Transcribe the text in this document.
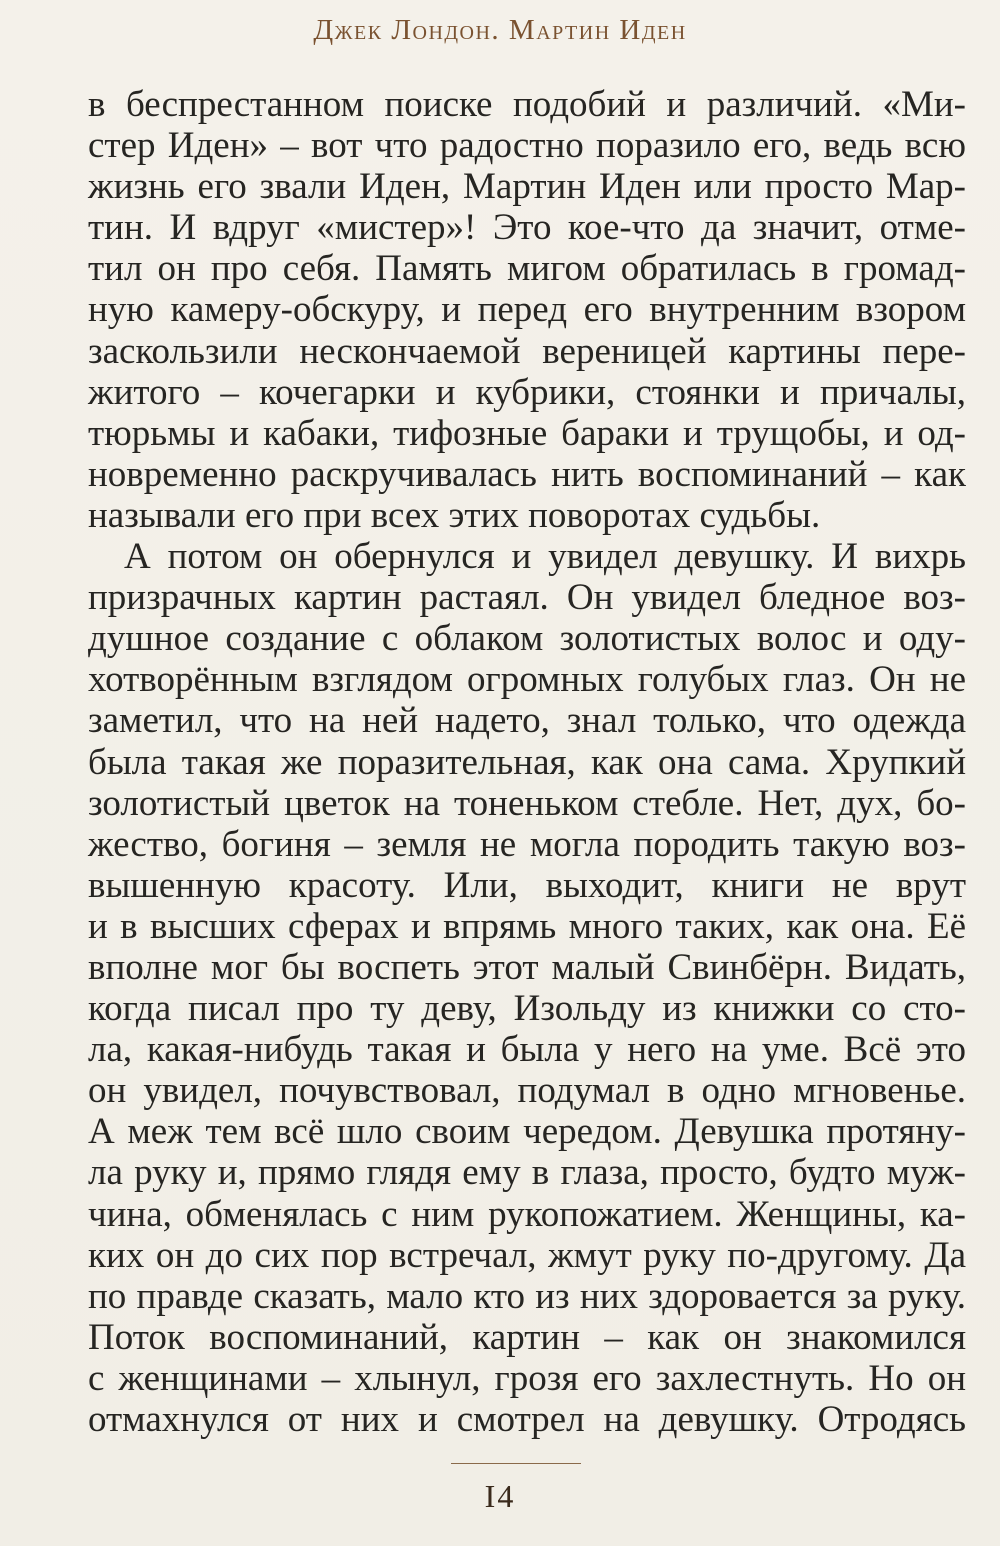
Джек Лондон. Мартин Иден
в беспрестанном поиске подобий и различий. «Ми-
стер Иден» – вот что радостно поразило его, ведь всю
жизнь его звали Иден, Мартин Иден или просто Мар-
тин. И вдруг «мистер»! Это кое-что да значит, отме-
тил он про себя. Память мигом обратилась в громад-
ную камеру-обскуру, и перед его внутренним взором
заскользили нескончаемой вереницей картины пере-
житого – кочегарки и кубрики, стоянки и причалы,
тюрьмы и кабаки, тифозные бараки и трущобы, и од-
новременно раскручивалась нить воспоминаний – как
называли его при всех этих поворотах судьбы.
А потом он обернулся и увидел девушку. И вихрь
призрачных картин растаял. Он увидел бледное воз-
душное создание с облаком золотистых волос и оду-
хотворённым взглядом огромных голубых глаз. Он не
заметил, что на ней надето, знал только, что одежда
была такая же поразительная, как она сама. Хрупкий
золотистый цветок на тоненьком стебле. Нет, дух, бо-
жество, богиня – земля не могла породить такую воз-
вышенную красоту. Или, выходит, книги не врут
и в высших сферах и впрямь много таких, как она. Её
вполне мог бы воспеть этот малый Свинбёрн. Видать,
когда писал про ту деву, Изольду из книжки со сто-
ла, какая-нибудь такая и была у него на уме. Всё это
он увидел, почувствовал, подумал в одно мгновенье.
А меж тем всё шло своим чередом. Девушка протяну-
ла руку и, прямо глядя ему в глаза, просто, будто муж-
чина, обменялась с ним рукопожатием. Женщины, ка-
ких он до сих пор встречал, жмут руку по-другому. Да
по правде сказать, мало кто из них здоровается за руку.
Поток воспоминаний, картин – как он знакомился
с женщинами – хлынул, грозя его захлестнуть. Но он
отмахнулся от них и смотрел на девушку. Отродясь
I4
